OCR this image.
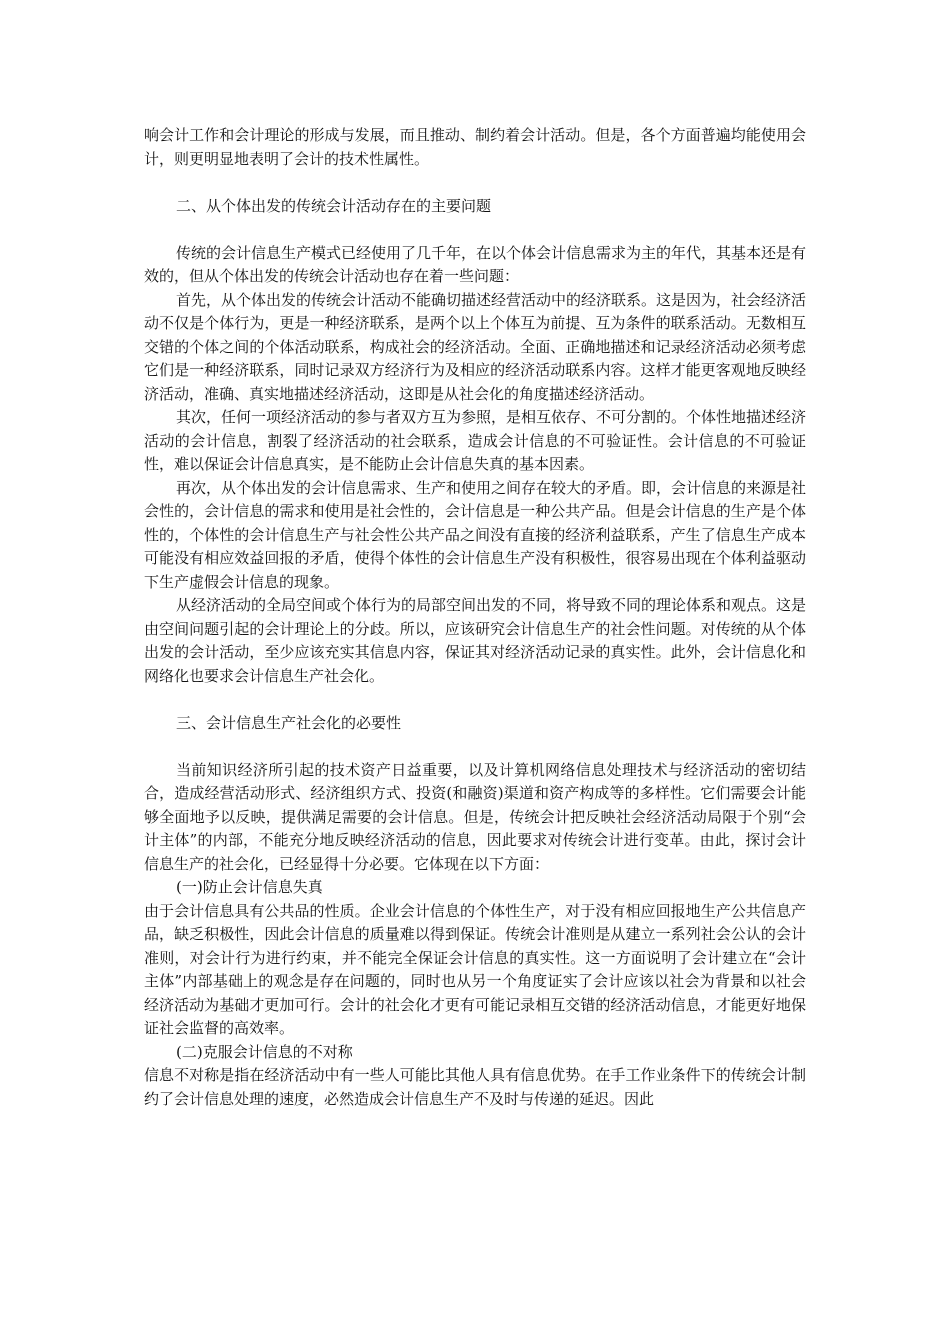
响会计工作和会计理论的形成与发展，而且推动、制约着会计活动。但是，各个方面普遍均能使用会计，则更明显地表明了会计的技术性属性。

二、从个体出发的传统会计活动存在的主要问题

传统的会计信息生产模式已经使用了几千年，在以个体会计信息需求为主的年代，其基本还是有效的，但从个体出发的传统会计活动也存在着一些问题：

首先，从个体出发的传统会计活动不能确切描述经营活动中的经济联系。这是因为，社会经济活动不仅是个体行为，更是一种经济联系，是两个以上个体互为前提、互为条件的联系活动。无数相互交错的个体之间的个体活动联系，构成社会的经济活动。全面、正确地描述和记录经济活动必须考虑它们是一种经济联系，同时记录双方经济行为及相应的经济活动联系内容。这样才能更客观地反映经济活动，准确、真实地描述经济活动，这即是从社会化的角度描述经济活动。

其次，任何一项经济活动的参与者双方互为参照，是相互依存、不可分割的。个体性地描述经济活动的会计信息，割裂了经济活动的社会联系，造成会计信息的不可验证性。会计信息的不可验证性，难以保证会计信息真实，是不能防止会计信息失真的基本因素。

再次，从个体出发的会计信息需求、生产和使用之间存在较大的矛盾。即，会计信息的来源是社会性的，会计信息的需求和使用是社会性的，会计信息是一种公共产品。但是会计信息的生产是个体性的，个体性的会计信息生产与社会性公共产品之间没有直接的经济利益联系，产生了信息生产成本可能没有相应效益回报的矛盾，使得个体性的会计信息生产没有积极性，很容易出现在个体利益驱动下生产虚假会计信息的现象。

从经济活动的全局空间或个体行为的局部空间出发的不同，将导致不同的理论体系和观点。这是由空间问题引起的会计理论上的分歧。所以，应该研究会计信息生产的社会性问题。对传统的从个体出发的会计活动，至少应该充实其信息内容，保证其对经济活动记录的真实性。此外，会计信息化和网络化也要求会计信息生产社会化。

三、会计信息生产社会化的必要性

当前知识经济所引起的技术资产日益重要，以及计算机网络信息处理技术与经济活动的密切结合，造成经营活动形式、经济组织方式、投资(和融资)渠道和资产构成等的多样性。它们需要会计能够全面地予以反映，提供满足需要的会计信息。但是，传统会计把反映社会经济活动局限于个别“会计主体”的内部，不能充分地反映经济活动的信息，因此要求对传统会计进行变革。由此，探讨会计信息生产的社会化，已经显得十分必要。它体现在以下方面：

(一)防止会计信息失真

由于会计信息具有公共品的性质。企业会计信息的个体性生产，对于没有相应回报地生产公共信息产品，缺乏积极性，因此会计信息的质量难以得到保证。传统会计准则是从建立一系列社会公认的会计准则，对会计行为进行约束，并不能完全保证会计信息的真实性。这一方面说明了会计建立在“会计主体”内部基础上的观念是存在问题的，同时也从另一个角度证实了会计应该以社会为背景和以社会经济活动为基础才更加可行。会计的社会化才更有可能记录相互交错的经济活动信息，才能更好地保证社会监督的高效率。

(二)克服会计信息的不对称

信息不对称是指在经济活动中有一些人可能比其他人具有信息优势。在手工作业条件下的传统会计制约了会计信息处理的速度，必然造成会计信息生产不及时与传递的延迟。因此
